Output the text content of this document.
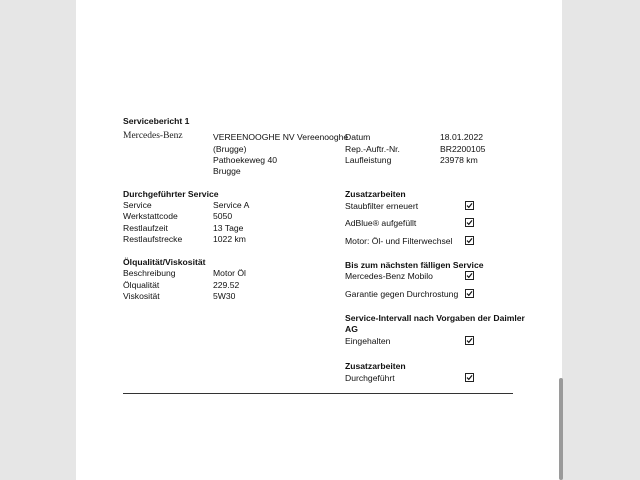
Servicebericht 1
Mercedes-Benz	VEREENOOGHE NV Vereenooghe
(Brugge)
Pathoekeweg 40
Brugge
Datum	18.01.2022
Rep.-Auftr.-Nr.	BR2200105
Laufleistung	23978 km
Durchgeführter Service
Service	Service A
Werkstattcode	5050
Restlaufzeit	13 Tage
Restlaufstrecke	1022 km
Ölqualität/Viskosität
Beschreibung	Motor Öl
Ölqualität	229.52
Viskosität	5W30
Zusatzarbeiten
Staubfilter erneuert
AdBlue® aufgefüllt
Motor: Öl- und Filterwechsel
Bis zum nächsten fälligen Service
Mercedes-Benz Mobilo
Garantie gegen Durchrostung
Service-Intervall nach Vorgaben der Daimler
AG
Eingehalten
Zusatzarbeiten
Durchgeführt
